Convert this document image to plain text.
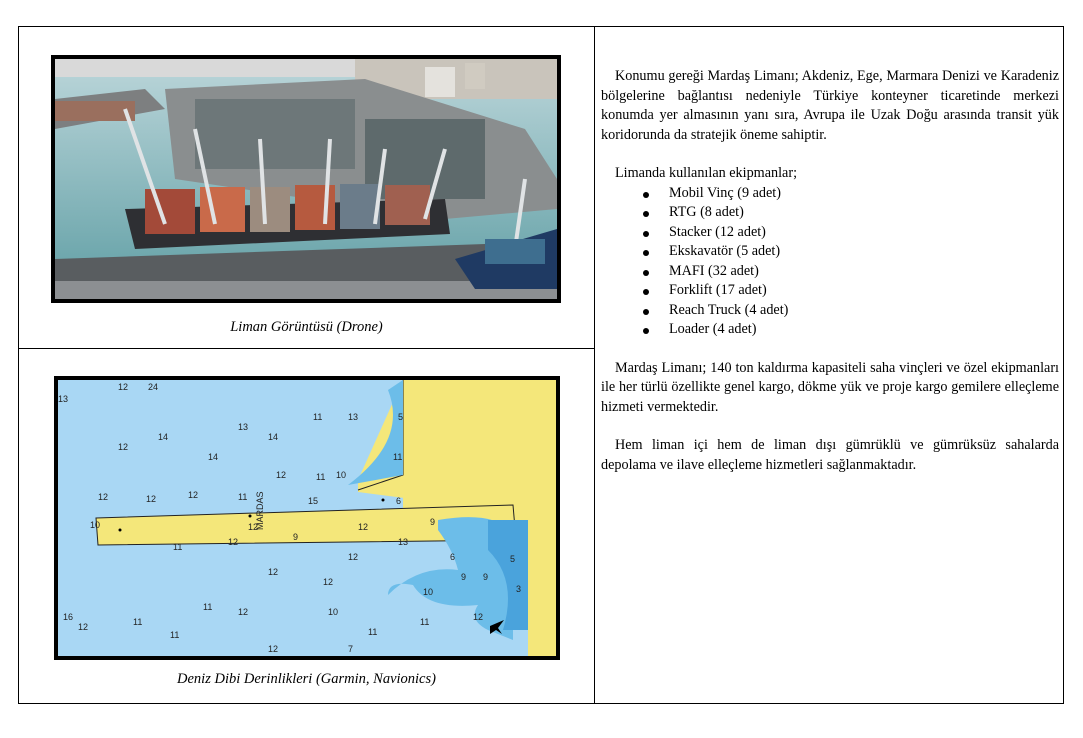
Liman Görüntüsü (Drone)
12 24
13
14
13
11	5
14
13
12
14	11
10
11
12
12
12
10
12	11
12
9
12
11	13
9
12	6
9
16
10
12
11
11
12	10
11
11	12
6
9
5
3
15
12
12	7
11
12
12
MARDAS
Deniz Dibi Derinlikleri (Garmin, Navionics)

Konumu gereği Mardaş Limanı; Akdeniz, Ege, Marmara Denizi ve Karadeniz bölgelerine bağlantısı nedeniyle Türkiye konteyner ticaretinde merkezi konumda yer almasının yanı sıra, Avrupa ile Uzak Doğu arasında transit yük koridorunda da stratejik öneme sahiptir.

Limanda kullanılan ekipmanlar;

Mobil Vinç (9 adet)
RTG (8 adet)
Stacker (12 adet)
Ekskavatör (5 adet)
MAFI (32 adet)
Forklift (17 adet)
Reach Truck (4 adet)
Loader (4 adet)

Mardaş Limanı; 140 ton kaldırma kapasiteli saha vinçleri ve özel ekipmanları ile her türlü özellikte genel kargo, dökme yük ve proje kargo gemilere elleçleme hizmeti vermektedir.

Hem liman içi hem de liman dışı gümrüklü ve gümrüksüz sahalarda depolama ve ilave elleçleme hizmetleri sağlanmaktadır.
